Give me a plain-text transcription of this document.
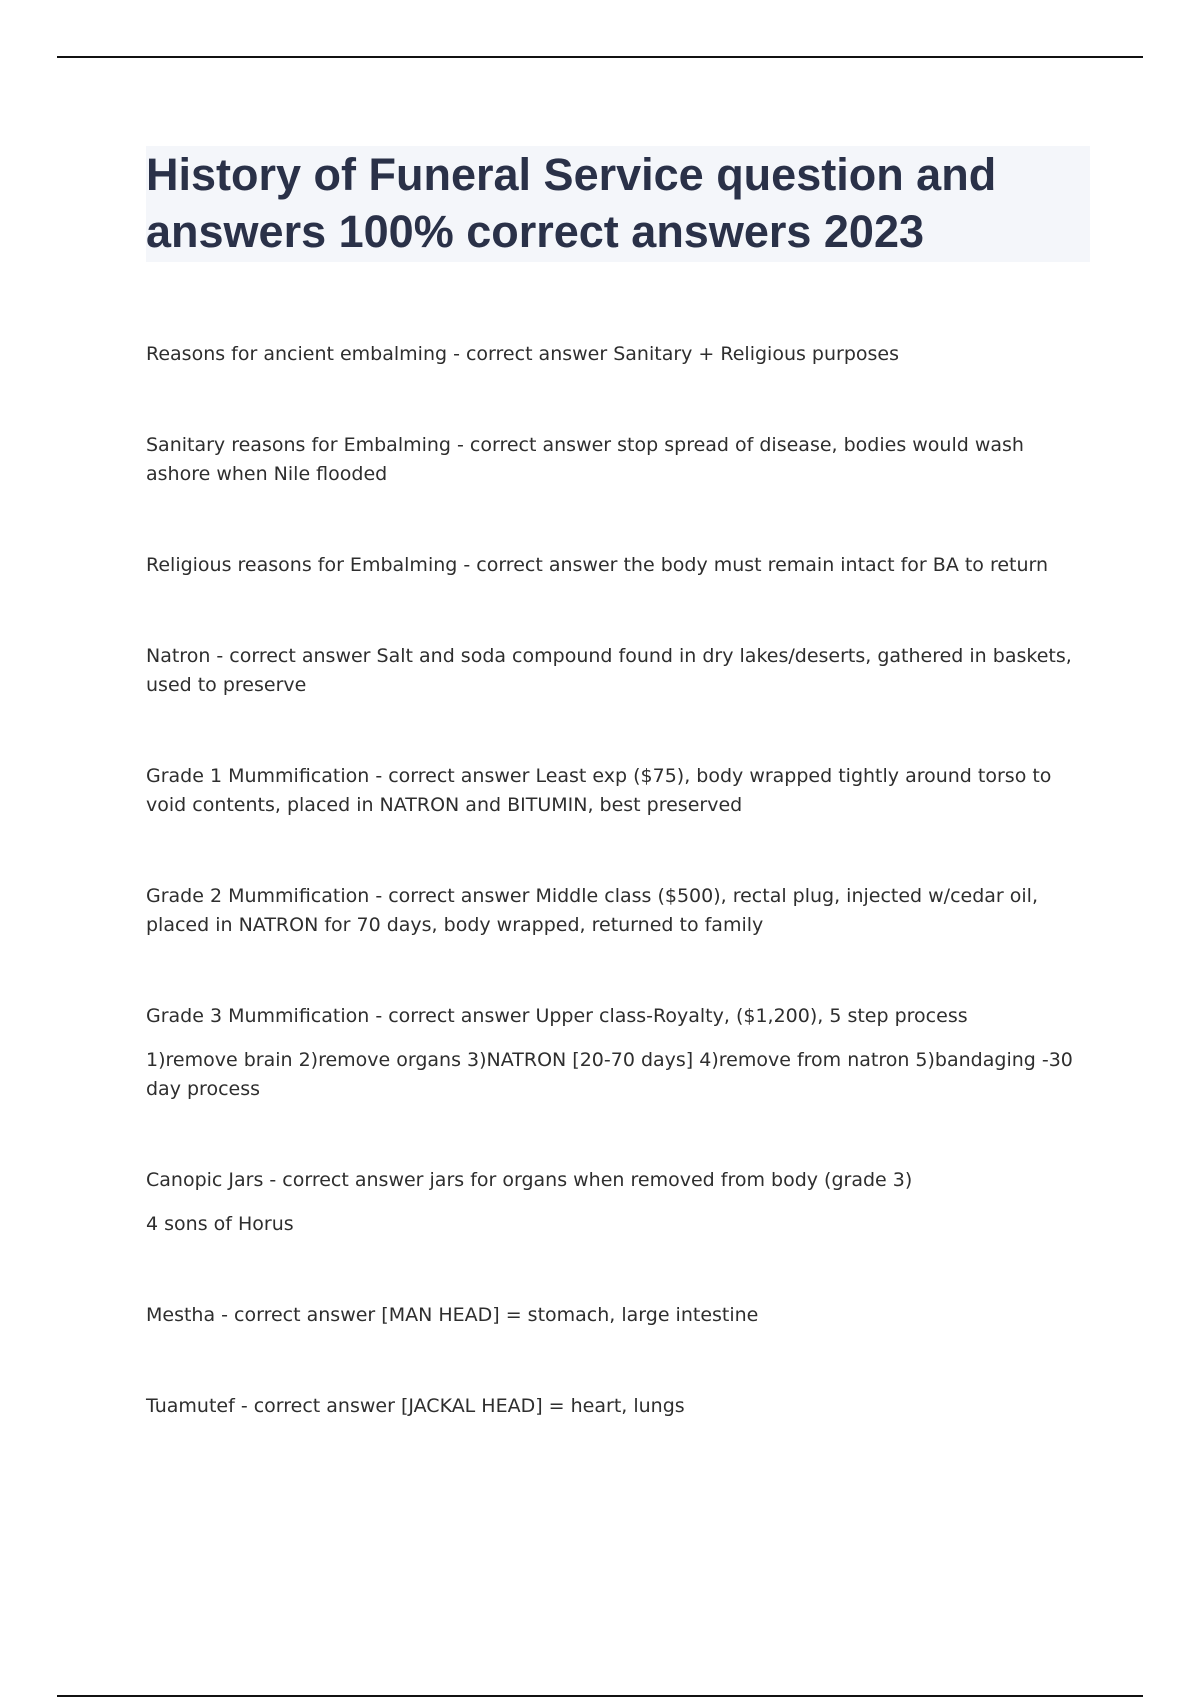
History of Funeral Service question and answers 100% correct answers 2023

Reasons for ancient embalming - correct answer Sanitary + Religious purposes

Sanitary reasons for Embalming - correct answer stop spread of disease, bodies would wash ashore when Nile flooded

Religious reasons for Embalming - correct answer the body must remain intact for BA to return

Natron - correct answer Salt and soda compound found in dry lakes/deserts, gathered in baskets, used to preserve

Grade 1 Mummification - correct answer Least exp ($75), body wrapped tightly around torso to void contents, placed in NATRON and BITUMIN, best preserved

Grade 2 Mummification - correct answer Middle class ($500), rectal plug, injected w/cedar oil, placed in NATRON for 70 days, body wrapped, returned to family

Grade 3 Mummification - correct answer Upper class-Royalty, ($1,200), 5 step process

1)remove brain 2)remove organs 3)NATRON [20-70 days] 4)remove from natron 5)bandaging -30 day process

Canopic Jars - correct answer jars for organs when removed from body (grade 3)

4 sons of Horus

Mestha - correct answer [MAN HEAD] = stomach, large intestine

Tuamutef - correct answer [JACKAL HEAD] = heart, lungs
